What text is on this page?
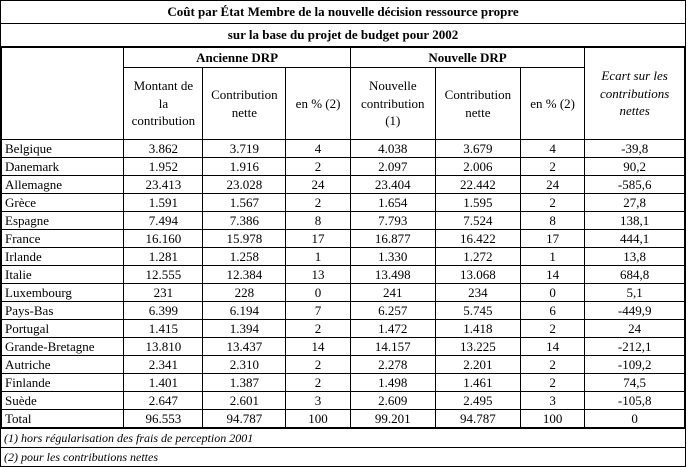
Coût par État Membre de la nouvelle décision ressource propre
sur la base du projet de budget pour 2002
	Ancienne DRP			Nouvelle DRP			Ecart sur les contributions nettes
	Montant de la contribution	Contribution nette	en % (2)	Nouvelle contribution (1)	Contribution nette	en % (2)	
Belgique	3.862	3.719	4	4.038	3.679	4	-39,8
Danemark	1.952	1.916	2	2.097	2.006	2	90,2
Allemagne	23.413	23.028	24	23.404	22.442	24	-585,6
Grèce	1.591	1.567	2	1.654	1.595	2	27,8
Espagne	7.494	7.386	8	7.793	7.524	8	138,1
France	16.160	15.978	17	16.877	16.422	17	444,1
Irlande	1.281	1.258	1	1.330	1.272	1	13,8
Italie	12.555	12.384	13	13.498	13.068	14	684,8
Luxembourg	231	228	0	241	234	0	5,1
Pays-Bas	6.399	6.194	7	6.257	5.745	6	-449,9
Portugal	1.415	1.394	2	1.472	1.418	2	24
Grande-Bretagne	13.810	13.437	14	14.157	13.225	14	-212,1
Autriche	2.341	2.310	2	2.278	2.201	2	-109,2
Finlande	1.401	1.387	2	1.498	1.461	2	74,5
Suède	2.647	2.601	3	2.609	2.495	3	-105,8
Total	96.553	94.787	100	99.201	94.787	100	0
(1) hors régularisation des frais de perception 2001
(2) pour les contributions nettes
